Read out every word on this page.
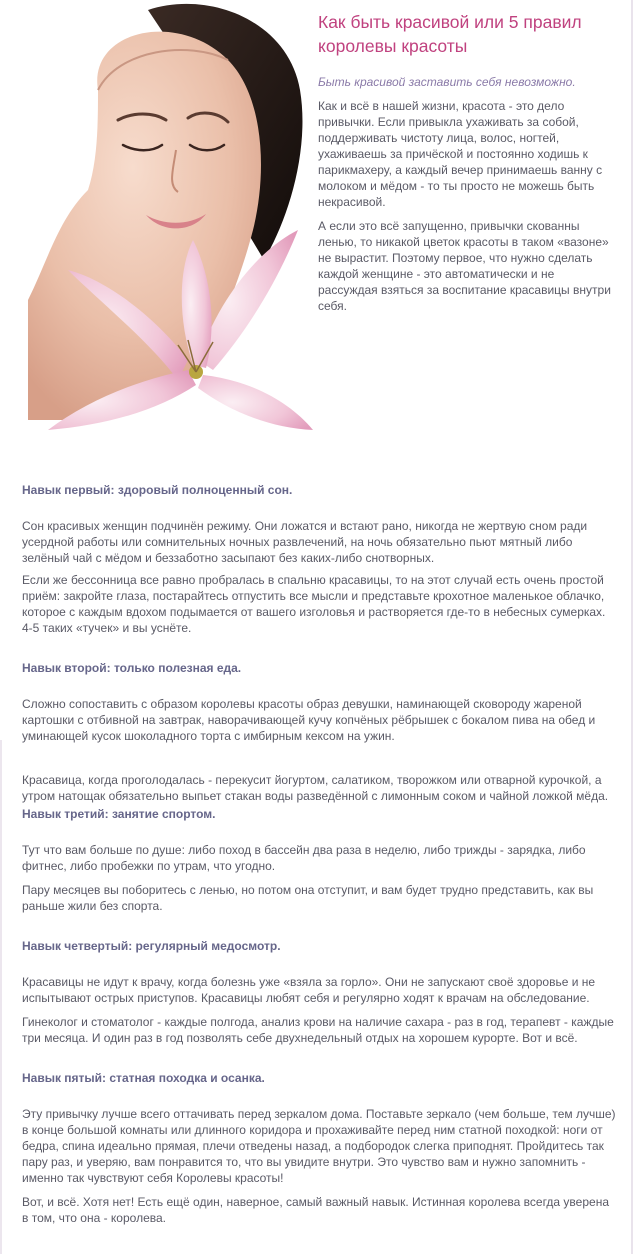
Как быть красивой или 5 правил королевы красоты

Быть красивой заставить себя невозможно.

Как и всё в нашей жизни, красота - это дело привычки. Если привыкла ухаживать за собой, поддерживать чистоту лица, волос, ногтей, ухаживаешь за причёской и постоянно ходишь к парикмахеру, а каждый вечер принимаешь ванну с молоком и мёдом - то ты просто не можешь быть некрасивой.

А если это всё запущенно, привычки скованны ленью, то никакой цветок красоты в таком «вазоне» не вырастит. Поэтому первое, что нужно сделать каждой женщине - это автоматически и не рассуждая взяться за воспитание красавицы внутри себя.

Навык первый: здоровый полноценный сон.

Сон красивых женщин подчинён режиму. Они ложатся и встают рано, никогда не жертвую сном ради усердной работы или сомнительных ночных развлечений, на ночь обязательно пьют мятный либо зелёный чай с мёдом и беззаботно засыпают без каких-либо снотворных.

Если же бессонница все равно пробралась в спальню красавицы, то на этот случай есть очень простой приём: закройте глаза, постарайтесь отпустить все мысли и представьте крохотное маленькое облачко, которое с каждым вдохом подымается от вашего изголовья и растворяется где-то в небесных сумерках. 4-5 таких «тучек» и вы уснёте.

Навык второй: только полезная еда.

Сложно сопоставить с образом королевы красоты образ девушки, наминающей сковороду жареной картошки с отбивной на завтрак, наворачивающей кучу копчёных рёбрышек с бокалом пива на обед и уминающей кусок шоколадного торта с имбирным кексом на ужин.

Красавица, когда проголодалась - перекусит йогуртом, салатиком, творожком или отварной курочкой, а утром натощак обязательно выпьет стакан воды разведённой с лимонным соком и чайной ложкой мёда.

Навык третий: занятие спортом.

Тут что вам больше по душе: либо поход в бассейн два раза в неделю, либо трижды - зарядка, либо фитнес, либо пробежки по утрам, что угодно.

Пару месяцев вы поборитесь с ленью, но потом она отступит, и вам будет трудно представить, как вы раньше жили без спорта.

Навык четвертый: регулярный медосмотр.

Красавицы не идут к врачу, когда болезнь уже «взяла за горло». Они не запускают своё здоровье и не испытывают острых приступов. Красавицы любят себя и регулярно ходят к врачам на обследование.

Гинеколог и стоматолог - каждые полгода, анализ крови на наличие сахара - раз в год, терапевт - каждые три месяца. И один раз в год позволять себе двухнедельный отдых на хорошем курорте. Вот и всё.

Навык пятый: статная походка и осанка.

Эту привычку лучше всего оттачивать перед зеркалом дома. Поставьте зеркало (чем больше, тем лучше) в конце большой комнаты или длинного коридора и прохаживайте перед ним статной походкой: ноги от бедра, спина идеально прямая, плечи отведены назад, а подбородок слегка приподнят. Пройдитесь так пару раз, и уверяю, вам понравится то, что вы увидите внутри. Это чувство вам и нужно запомнить - именно так чувствуют себя Королевы красоты!

Вот, и всё. Хотя нет! Есть ещё один, наверное, самый важный навык. Истинная королева всегда уверена в том, что она - королева.
